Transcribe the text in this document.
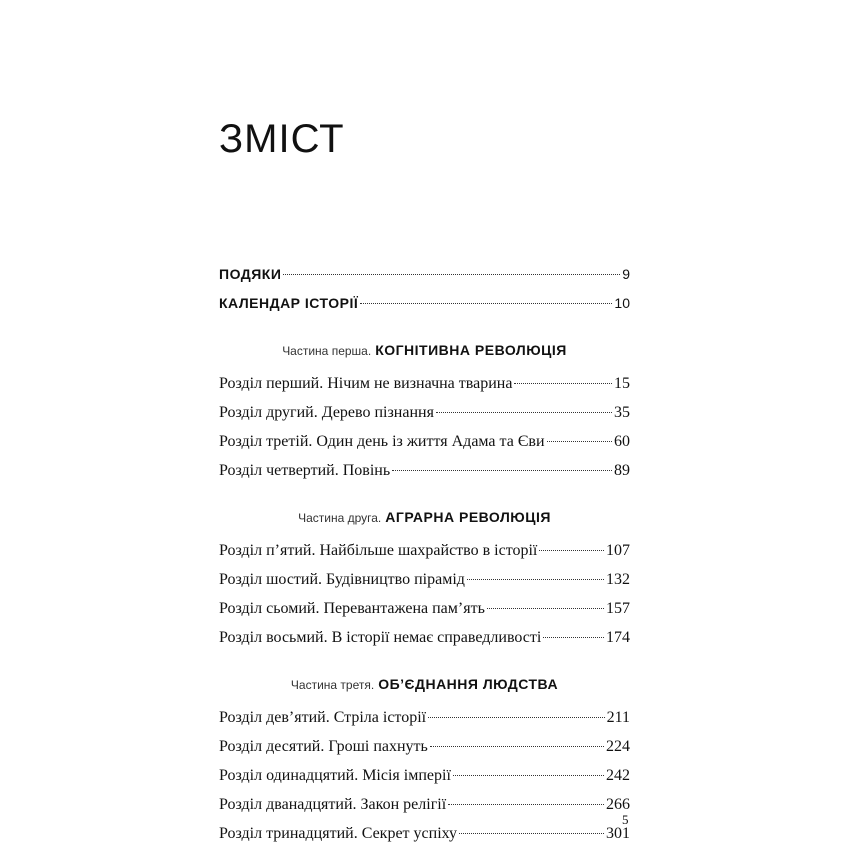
ЗМІСТ
ПОДЯКИ	9
КАЛЕНДАР ІСТОРІЇ	10
Частина перша. КОГНІТИВНА РЕВОЛЮЦІЯ
Розділ перший. Нічим не визначна тварина	15
Розділ другий. Дерево пізнання	35
Розділ третій. Один день із життя Адама та Єви	60
Розділ четвертий. Повінь	89
Частина друга. АГРАРНА РЕВОЛЮЦІЯ
Розділ п’ятий. Найбільше шахрайство в історії	107
Розділ шостий. Будівництво пірамід	132
Розділ сьомий. Перевантажена пам’ять	157
Розділ восьмий. В історії немає справедливості	174
Частина третя. ОБ’ЄДНАННЯ ЛЮДСТВА
Розділ дев’ятий. Стріла історії	211
Розділ десятий. Гроші пахнуть	224
Розділ одинадцятий. Місія імперії	242
Розділ дванадцятий. Закон релігії	266
Розділ тринадцятий. Секрет успіху	301
5
